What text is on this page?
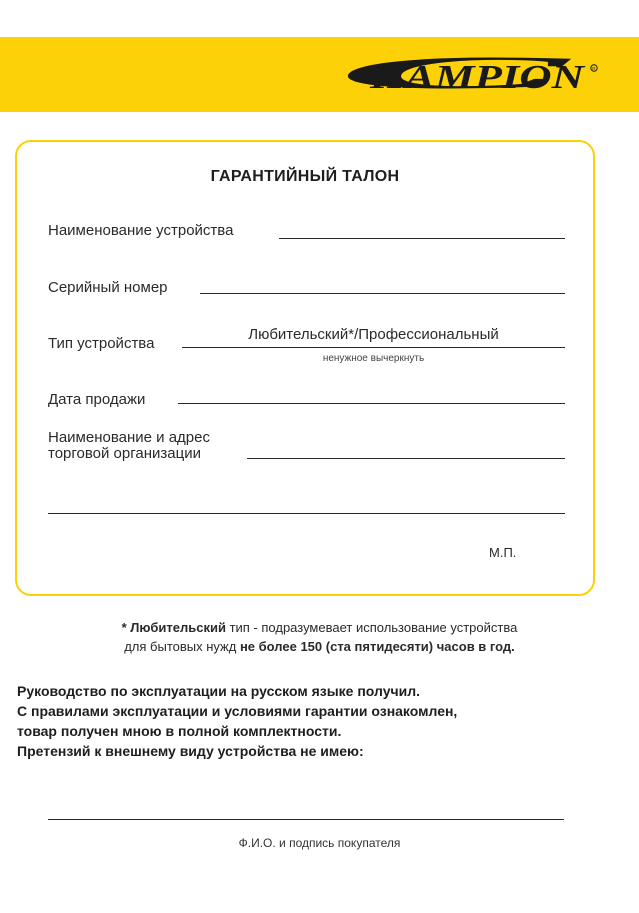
C
HAMPION R
ГАРАНТИЙНЫЙ ТАЛОН
Наименование устройства
Серийный номер
Тип устройства
Любительский*/Профессиональный
ненужное вычеркнуть
Дата продажи
Наименование и адрес
торговой организации
М.П.
* Любительский тип - подразумевает использование устройства
для бытовых нужд не более 150 (ста пятидесяти) часов в год.
Руководство по эксплуатации на русском языке получил.
С правилами эксплуатации и условиями гарантии ознакомлен,
товар получен мною в полной комплектности.
Претензий к внешнему виду устройства не имею:
Ф.И.О. и подпись покупателя
